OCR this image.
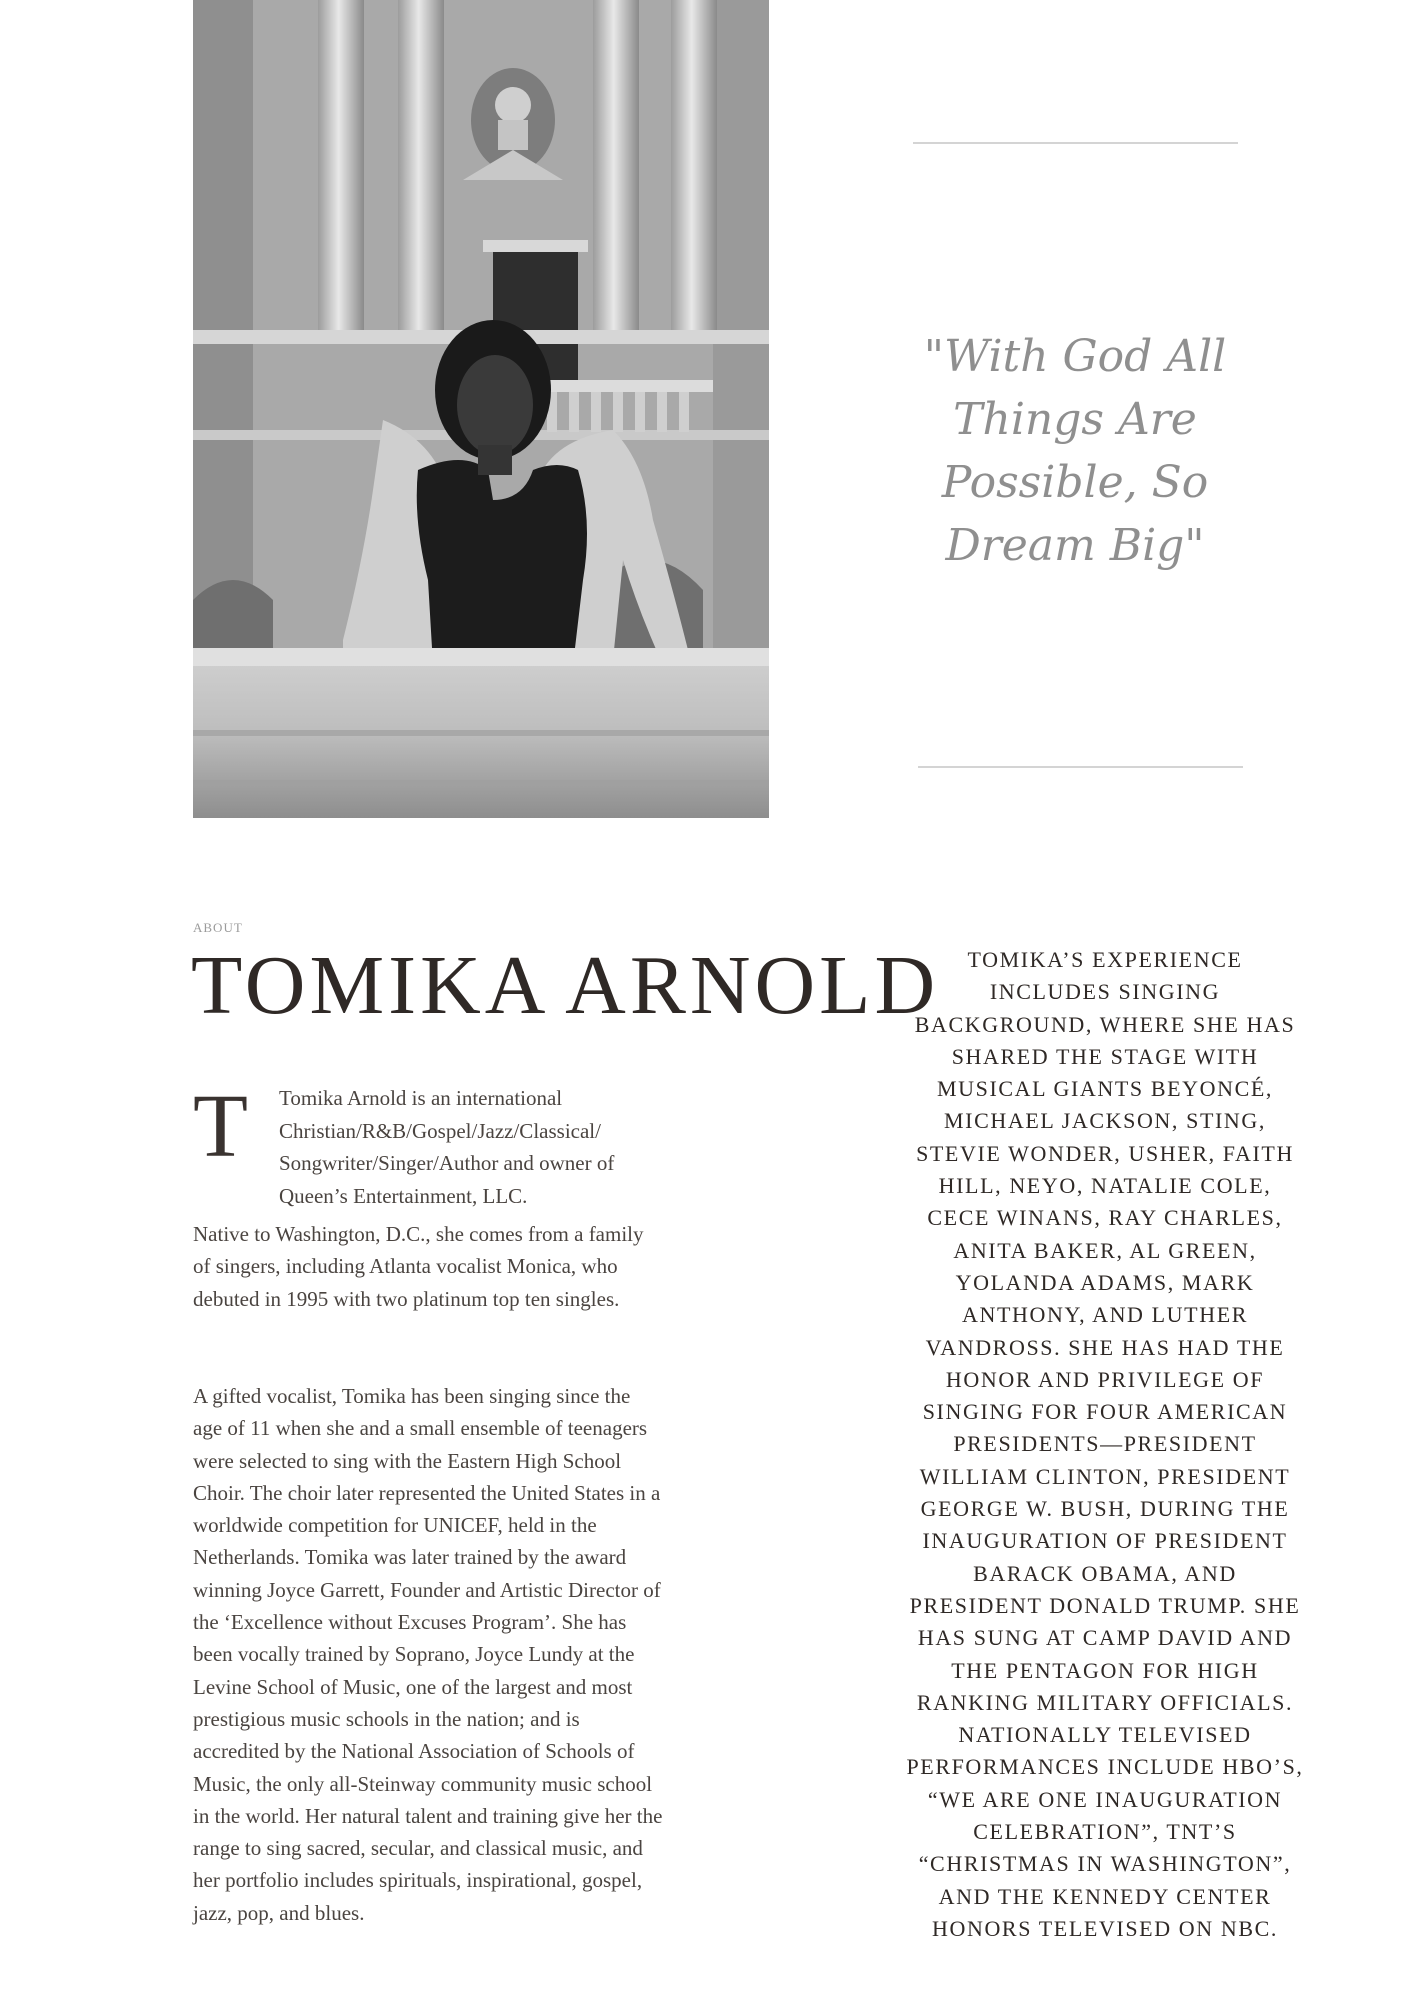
"With God All Things Are Possible, So Dream Big"
ABOUT
TOMIKA ARNOLD
T Tomika Arnold is an international Christian/R&B/Gospel/Jazz/Classical/ Songwriter/Singer/Author and owner of Queen’s Entertainment, LLC.
Native to Washington, D.C., she comes from a family of singers, including Atlanta vocalist Monica, who debuted in 1995 with two platinum top ten singles.
A gifted vocalist, Tomika has been singing since the age of 11 when she and a small ensemble of teenagers were selected to sing with the Eastern High School Choir. The choir later represented the United States in a worldwide competition for UNICEF, held in the Netherlands. Tomika was later trained by the award winning Joyce Garrett, Founder and Artistic Director of the ‘Excellence without Excuses Program’. She has been vocally trained by Soprano, Joyce Lundy at the Levine School of Music, one of the largest and most prestigious music schools in the nation; and is accredited by the National Association of Schools of Music, the only all-Steinway community music school in the world. Her natural talent and training give her the range to sing sacred, secular, and classical music, and her portfolio includes spirituals, inspirational, gospel, jazz, pop, and blues.
TOMIKA’S EXPERIENCE INCLUDES SINGING BACKGROUND, WHERE SHE HAS SHARED THE STAGE WITH MUSICAL GIANTS BEYONCÉ, MICHAEL JACKSON, STING, STEVIE WONDER, USHER, FAITH HILL, NEYO, NATALIE COLE, CECE WINANS, RAY CHARLES, ANITA BAKER, AL GREEN, YOLANDA ADAMS, MARK ANTHONY, AND LUTHER VANDROSS. SHE HAS HAD THE HONOR AND PRIVILEGE OF SINGING FOR FOUR AMERICAN PRESIDENTS—PRESIDENT WILLIAM CLINTON, PRESIDENT GEORGE W. BUSH, DURING THE INAUGURATION OF PRESIDENT BARACK OBAMA, AND PRESIDENT DONALD TRUMP. SHE HAS SUNG AT CAMP DAVID AND THE PENTAGON FOR HIGH RANKING MILITARY OFFICIALS. NATIONALLY TELEVISED PERFORMANCES INCLUDE HBO’S, “WE ARE ONE INAUGURATION CELEBRATION”, TNT’S “CHRISTMAS IN WASHINGTON”, AND THE KENNEDY CENTER HONORS TELEVISED ON NBC.
